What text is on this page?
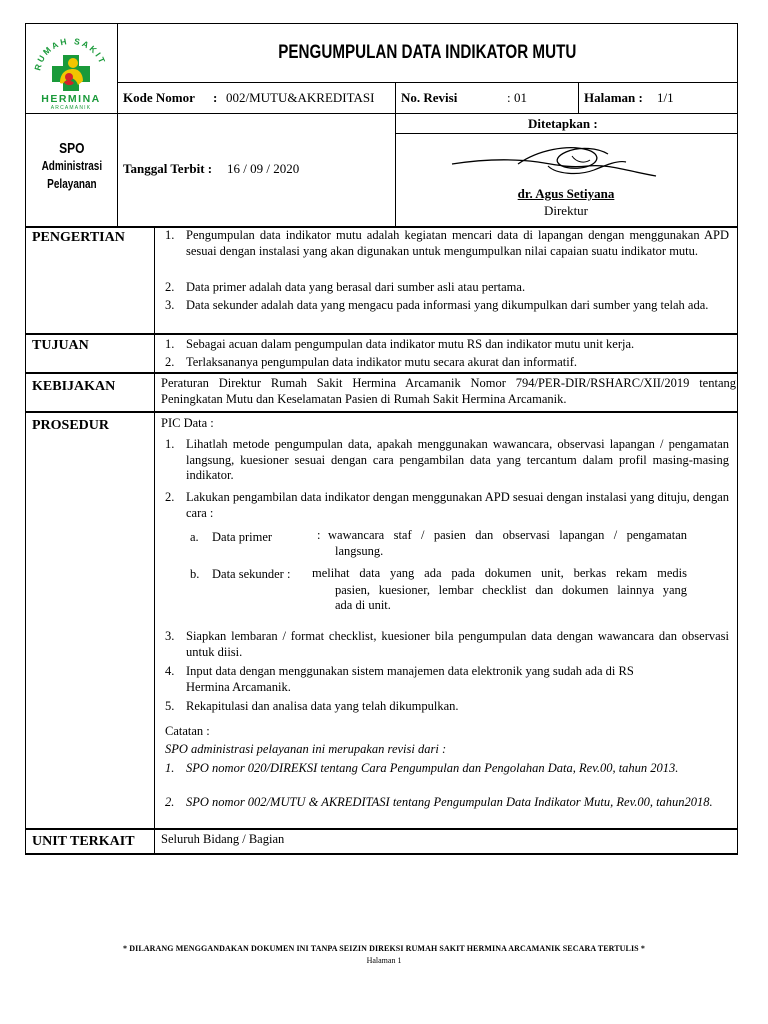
RUMAH SAKIT
HERMINA
ARCAMANIK
PENGUMPULAN DATA INDIKATOR MUTU
Kode Nomor : 002/MUTU&AKREDITASI No. Revisi	: 01	Halaman : 1/1
SPO
Administrasi
Pelayanan
Tanggal Terbit : 16 / 09 / 2020
Ditetapkan :
dr. Agus Setiyana
Direktur
PENGERTIAN	1. Pengumpulan data indikator mutu adalah kegiatan mencari data di lapangan dengan menggunakan APD sesuai dengan instalasi yang akan digunakan untuk mengumpulkan nilai capaian suatu indikator mutu.
2. Data primer adalah data yang berasal dari sumber asli atau pertama.
3. Data sekunder adalah data yang mengacu pada informasi yang dikumpulkan dari sumber yang telah ada.
TUJUAN	1. Sebagai acuan dalam pengumpulan data indikator mutu RS dan indikator mutu unit kerja.
2. Terlaksananya pengumpulan data indikator mutu secara akurat dan informatif.
KEBIJAKAN	Peraturan Direktur Rumah Sakit Hermina Arcamanik Nomor 794/PER-DIR/RSHARC/XII/2019 tentang Peningkatan Mutu dan Keselamatan Pasien di Rumah Sakit Hermina Arcamanik.
PROSEDUR	PIC Data :
1. Lihatlah metode pengumpulan data, apakah menggunakan wawancara, observasi lapangan / pengamatan langsung, kuesioner sesuai dengan cara pengambilan data yang tercantum dalam profil masing-masing indikator.
2. Lakukan pengambilan data indikator dengan menggunakan APD sesuai dengan instalasi yang dituju, dengan cara :
a. Data primer	: wawancara staf / pasien dan observasi lapangan / pengamatan
langsung.
b. Data sekunder : melihat data yang ada pada dokumen unit, berkas rekam medis
pasien, kuesioner, lembar checklist dan dokumen lainnya yang
ada di unit.
3. Siapkan lembaran / format checklist, kuesioner bila pengumpulan data dengan wawancara dan observasi untuk diisi.
4. Input data dengan menggunakan sistem manajemen data elektronik yang sudah ada di RS
Hermina Arcamanik.
5. Rekapitulasi dan analisa data yang telah dikumpulkan.
Catatan :
SPO administrasi pelayanan ini merupakan revisi dari :
1. SPO nomor 020/DIREKSI tentang Cara Pengumpulan dan Pengolahan Data, Rev.00, tahun 2013.
2. SPO nomor 002/MUTU & AKREDITASI tentang Pengumpulan Data Indikator Mutu, Rev.00, tahun2018.
UNIT TERKAIT Seluruh Bidang / Bagian
* DILARANG MENGGANDAKAN DOKUMEN INI TANPA SEIZIN DIREKSI RUMAH SAKIT HERMINA ARCAMANIK SECARA TERTULIS *
Halaman 1
